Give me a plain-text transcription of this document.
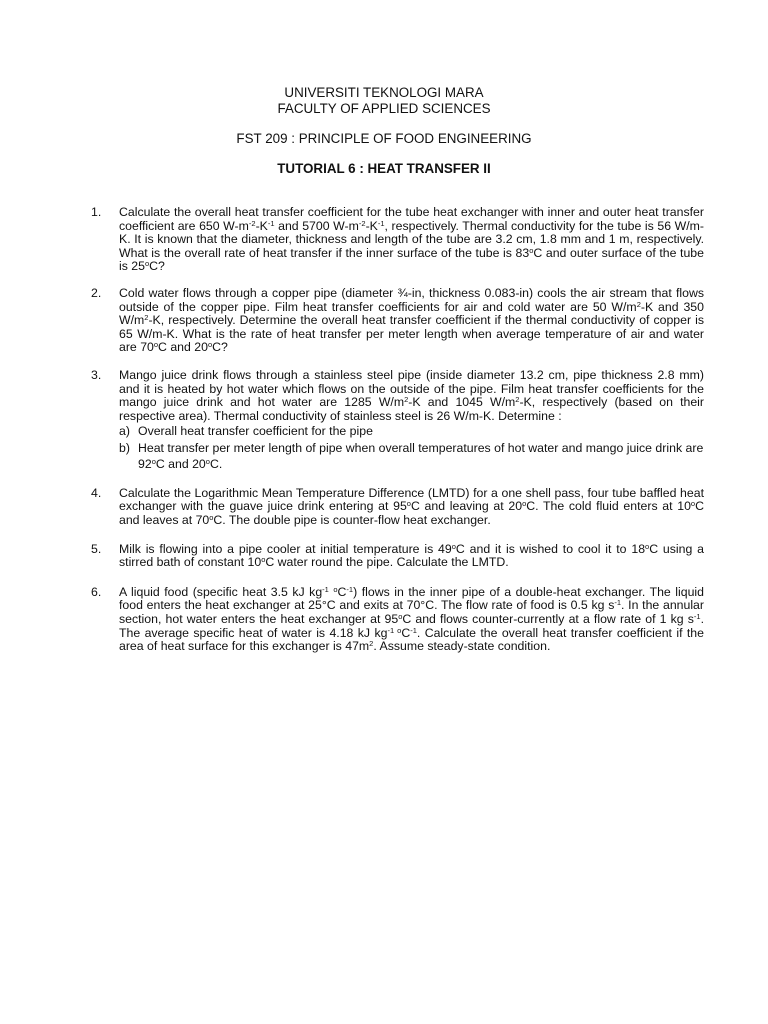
UNIVERSITI TEKNOLOGI MARA
FACULTY OF APPLIED SCIENCES
FST 209 : PRINCIPLE OF FOOD ENGINEERING
TUTORIAL 6 : HEAT TRANSFER II
1. Calculate the overall heat transfer coefficient for the tube heat exchanger with inner and outer heat transfer coefficient are 650 $W-m^{-2}-K^{-1}$ and 5700 $W-m^{-2}-K^{-1}$, respectively. Thermal conductivity for the tube is 56 W/m-K. It is known that the diameter, thickness and length of the tube are 3.2 cm, 1.8 mm and 1 m, respectively. What is the overall rate of heat transfer if the inner surface of the tube is 83$^o$C and outer surface of the tube is 25$^o$C?
2. Cold water flows through a copper pipe (diameter ¾-in, thickness 0.083-in) cools the air stream that flows outside of the copper pipe. Film heat transfer coefficients for air and cold water are 50 $W/m^2-K$ and 350 $W/m^2-K$, respectively. Determine the overall heat transfer coefficient if the thermal conductivity of copper is 65 W/m-K. What is the rate of heat transfer per meter length when average temperature of air and water are 70$^o$C and 20$^o$C?
3. Mango juice drink flows through a stainless steel pipe (inside diameter 13.2 cm, pipe thickness 2.8 mm) and it is heated by hot water which flows on the outside of the pipe. Film heat transfer coefficients for the mango juice drink and hot water are 1285 $W/m^2-K$ and 1045 $W/m^2-K$, respectively (based on their respective area). Thermal conductivity of stainless steel is 26 W/m-K. Determine :
a) Overall heat transfer coefficient for the pipe
b) Heat transfer per meter length of pipe when overall temperatures of hot water and mango juice drink are 92$^o$C and 20$^o$C.
4. Calculate the Logarithmic Mean Temperature Difference (LMTD) for a one shell pass, four tube baffled heat exchanger with the guave juice drink entering at 95$^o$C and leaving at 20$^o$C. The cold fluid enters at 10$^o$C and leaves at 70$^o$C. The double pipe is counter-flow heat exchanger.
5. Milk is flowing into a pipe cooler at initial temperature is 49$^o$C and it is wished to cool it to 18$^o$C using a stirred bath of constant 10$^o$C water round the pipe. Calculate the LMTD.
6. A liquid food (specific heat 3.5 kJ $kg^{-1}$ $^oC^{-1}$) flows in the inner pipe of a double-heat exchanger. The liquid food enters the heat exchanger at 25°C and exits at 70°C. The flow rate of food is 0.5 kg $s^{-1}$. In the annular section, hot water enters the heat exchanger at 95$^o$C and flows counter-currently at a flow rate of 1 kg $s^{-1}$. The average specific heat of water is 4.18 kJ $kg^{-1 o}C^{-1}$. Calculate the overall heat transfer coefficient if the area of heat surface for this exchanger is $47m^2$. Assume steady-state condition.
